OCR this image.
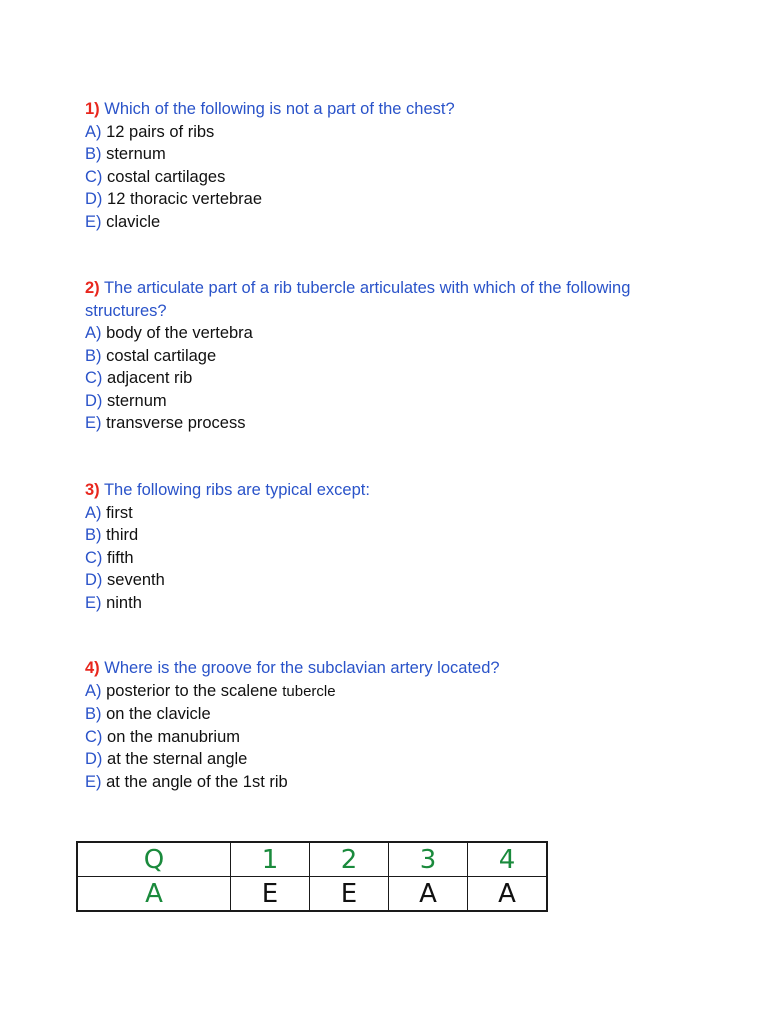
1) Which of the following is not a part of the chest?

A) 12 pairs of ribs

B) sternum

C) costal cartilages

D) 12 thoracic vertebrae

E) clavicle

2) The articulate part of a rib tubercle articulates with which of the following structures?

A) body of the vertebra

B) costal cartilage

C) adjacent rib

D) sternum

E) transverse process

3) The following ribs are typical except:

A) first

B) third

C) fifth

D) seventh

E) ninth

4) Where is the groove for the subclavian artery located?

A) posterior to the scalene tubercle

B) on the clavicle

C) on the manubrium

D) at the sternal angle

E) at the angle of the 1st rib

Q	1	2	3	4
A	E	E	A	A
